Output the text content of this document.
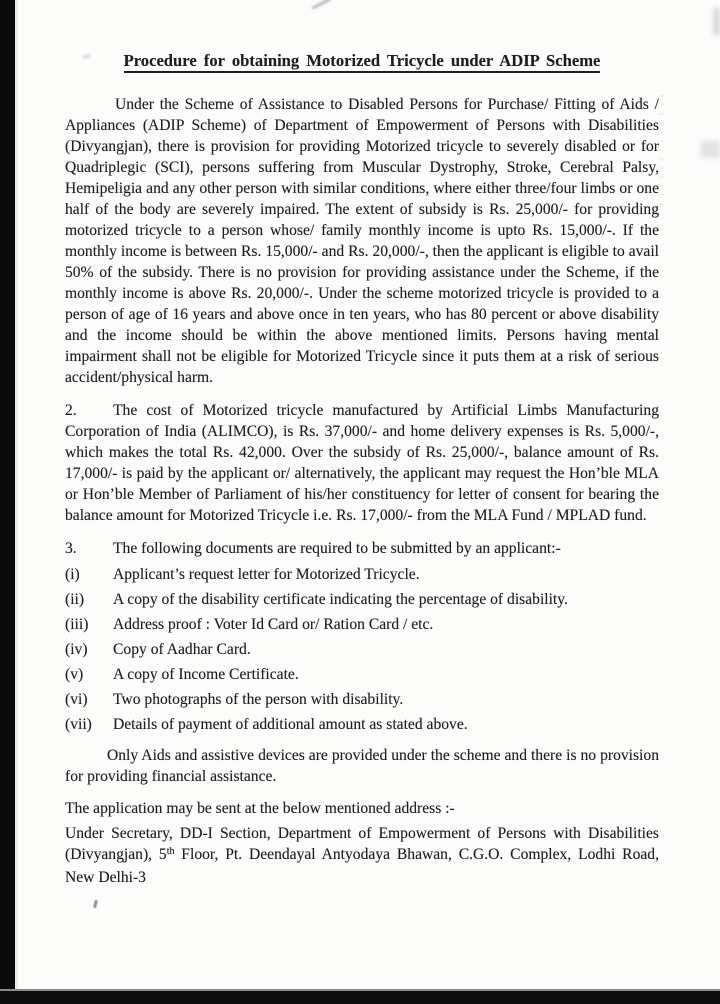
Procedure for obtaining Motorized Tricycle under ADIP Scheme

Under the Scheme of Assistance to Disabled Persons for Purchase/ Fitting of Aids / Appliances (ADIP Scheme) of Department of Empowerment of Persons with Disabilities (Divyangjan), there is provision for providing Motorized tricycle to severely disabled or for Quadriplegic (SCI), persons suffering from Muscular Dystrophy, Stroke, Cerebral Palsy, Hemipeligia and any other person with similar conditions, where either three/four limbs or one half of the body are severely impaired. The extent of subsidy is Rs. 25,000/- for providing motorized tricycle to a person whose/ family monthly income is upto Rs. 15,000/-. If the monthly income is between Rs. 15,000/- and Rs. 20,000/-, then the applicant is eligible to avail 50% of the subsidy. There is no provision for providing assistance under the Scheme, if the monthly income is above Rs. 20,000/-. Under the scheme motorized tricycle is provided to a person of age of 16 years and above once in ten years, who has 80 percent or above disability and the income should be within the above mentioned limits. Persons having mental impairment shall not be eligible for Motorized Tricycle since it puts them at a risk of serious accident/physical harm.

2. The cost of Motorized tricycle manufactured by Artificial Limbs Manufacturing Corporation of India (ALIMCO), is Rs. 37,000/- and home delivery expenses is Rs. 5,000/-, which makes the total Rs. 42,000. Over the subsidy of Rs. 25,000/-, balance amount of Rs. 17,000/- is paid by the applicant or/ alternatively, the applicant may request the Hon’ble MLA or Hon’ble Member of Parliament of his/her constituency for letter of consent for bearing the balance amount for Motorized Tricycle i.e. Rs. 17,000/- from the MLA Fund / MPLAD fund.

3. The following documents are required to be submitted by an applicant:-

(i) Applicant’s request letter for Motorized Tricycle.
(ii) A copy of the disability certificate indicating the percentage of disability.
(iii) Address proof : Voter Id Card or/ Ration Card / etc.
(iv) Copy of Aadhar Card.
(v) A copy of Income Certificate.
(vi) Two photographs of the person with disability.
(vii) Details of payment of additional amount as stated above.

Only Aids and assistive devices are provided under the scheme and there is no provision for providing financial assistance.

The application may be sent at the below mentioned address :-

Under Secretary, DD-I Section, Department of Empowerment of Persons with Disabilities (Divyangjan), 5th Floor, Pt. Deendayal Antyodaya Bhawan, C.G.O. Complex, Lodhi Road, New Delhi-3
